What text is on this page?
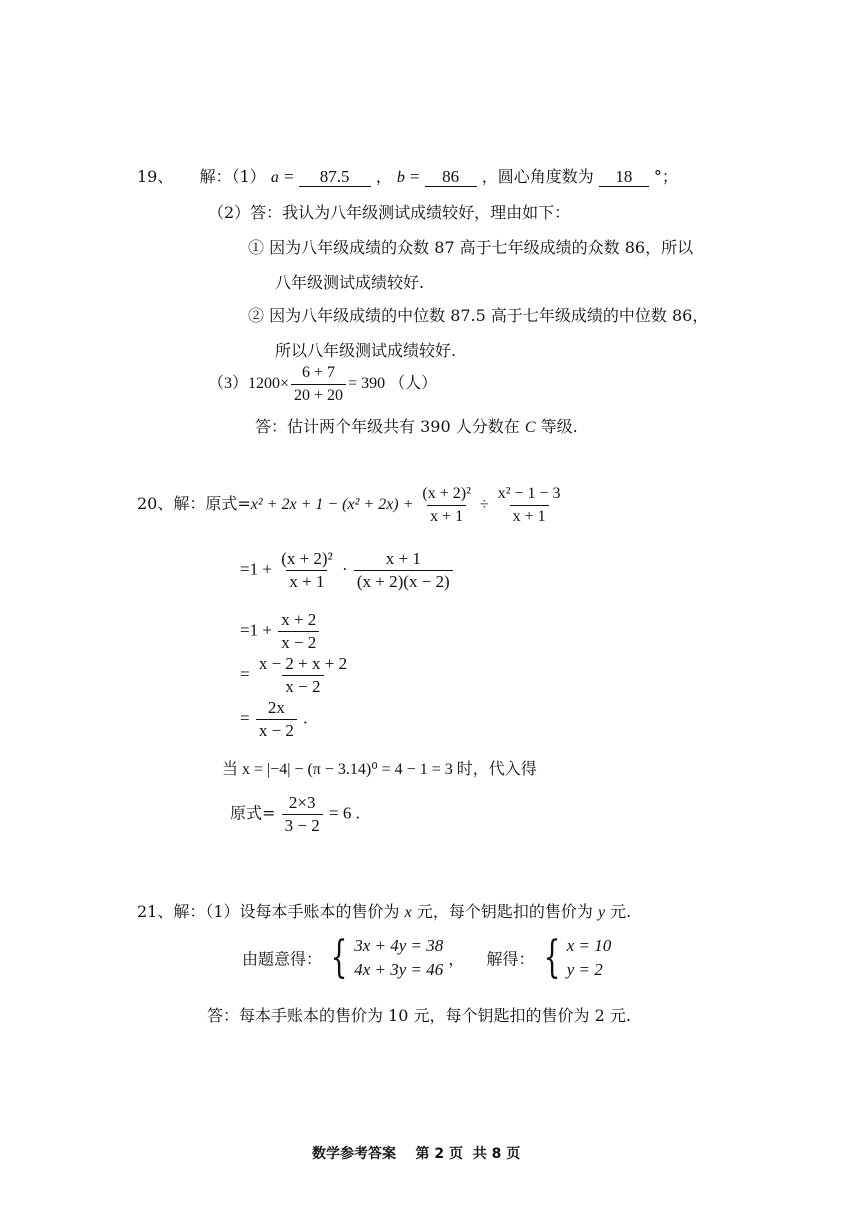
19、 解：（1） a = 87.5 ， b = 86 ，圆心角度数为 18 °；
（2）答：我认为八年级测试成绩较好，理由如下：
① 因为八年级成绩的众数 87 高于七年级成绩的众数 86，所以
八年级测试成绩较好.
② 因为八年级成绩的中位数 87.5 高于七年级成绩的中位数 86，
所以八年级测试成绩较好.
$(3)1200\times \frac{6 + 7}{20 + 20} = 390$ （人）
答：估计两个年级共有 390 人分数在 C 等级.
20、解：原式$=x^2 + 2x + 1 - (x^2 + 2x) + \frac{\text{(x + 2)²}}{x + 1} \div \frac{\text{x² − 1 − 3}}{x + 1}$
$=1 + \frac{\text{(x + 2)²}}{x + 1} \cdot \frac{x + 1}{(x + 2)(x - 2)}$
$=1 + \frac{x + 2}{x - 2}$
= $\frac{x - 2 + x + 2}{x - 2}$
= $\frac{2x}{x - 2}$ .
当 x = |−4| − (π − 3.14)⁰ = 4 − 1 = 3 时，代入得
原式= $\frac{2\times 3}{3 - 2} = 6$ .
21、解：（1）设每本手账本的售价为 x 元，每个钥匙扣的售价为 y 元.
由题意得： { 3x + 4y = 38
4x + 3y = 46
， 解得： { x = 10
y = 2
答：每本手账本的售价为 10 元，每个钥匙扣的售价为 2 元.
数学参考答案    第 2 页  共 8 页
